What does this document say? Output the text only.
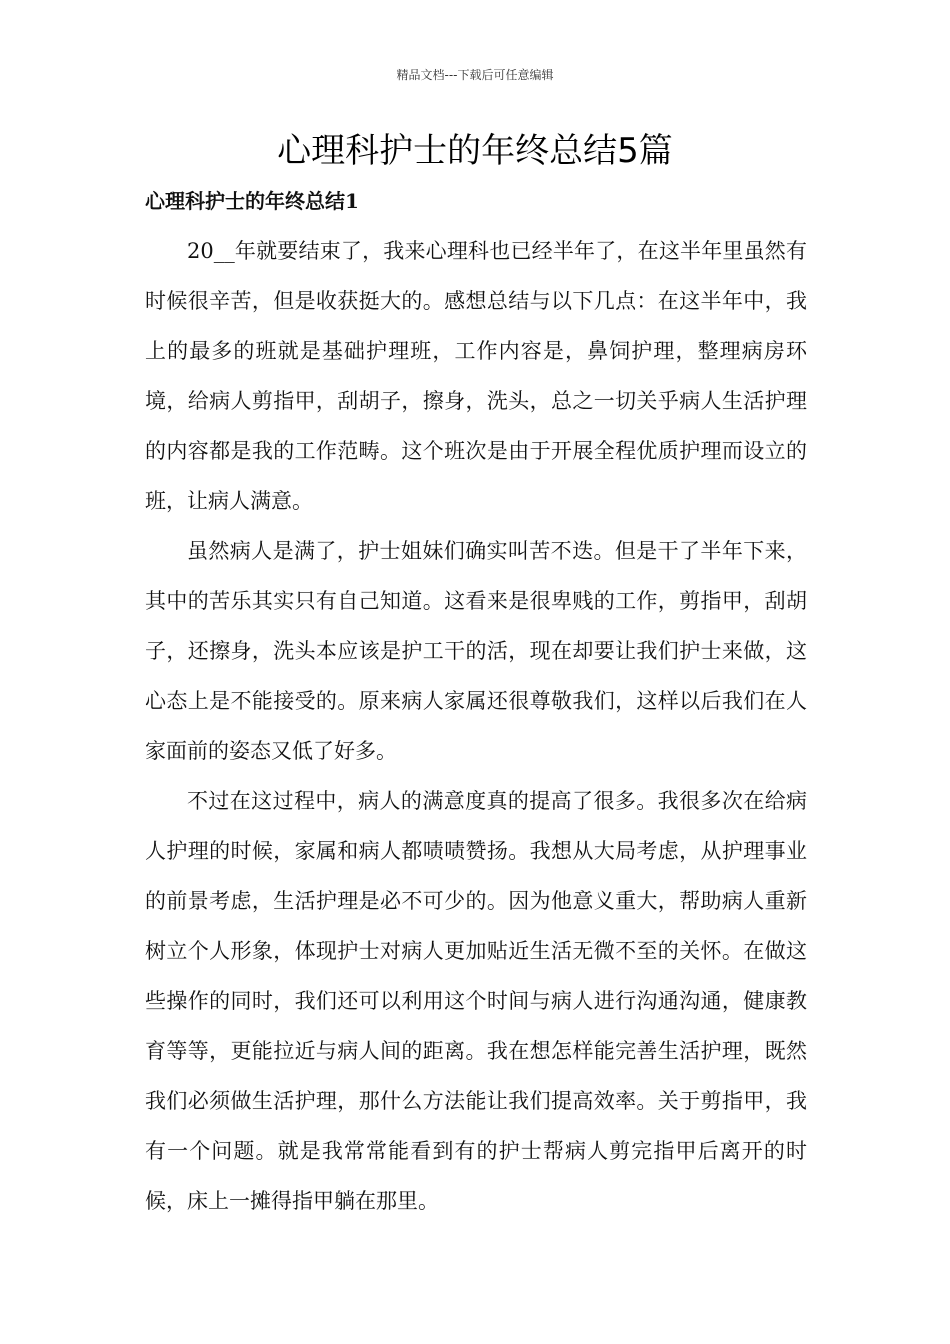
精品文档---下载后可任意编辑
心理科护士的年终总结5篇
心理科护士的年终总结1

20__年就要结束了，我来心理科也已经半年了，在这半年里虽然有时候很辛苦，但是收获挺大的。感想总结与以下几点：在这半年中，我上的最多的班就是基础护理班，工作内容是，鼻饲护理，整理病房环境，给病人剪指甲，刮胡子，擦身，洗头，总之一切关乎病人生活护理的内容都是我的工作范畴。这个班次是由于开展全程优质护理而设立的班，让病人满意。

虽然病人是满了，护士姐妹们确实叫苦不迭。但是干了半年下来，其中的苦乐其实只有自己知道。这看来是很卑贱的工作，剪指甲，刮胡子，还擦身，洗头本应该是护工干的活，现在却要让我们护士来做，这心态上是不能接受的。原来病人家属还很尊敬我们，这样以后我们在人家面前的姿态又低了好多。

不过在这过程中，病人的满意度真的提高了很多。我很多次在给病人护理的时候，家属和病人都啧啧赞扬。我想从大局考虑，从护理事业的前景考虑，生活护理是必不可少的。因为他意义重大，帮助病人重新树立个人形象，体现护士对病人更加贴近生活无微不至的关怀。在做这些操作的同时，我们还可以利用这个时间与病人进行沟通沟通，健康教育等等，更能拉近与病人间的距离。我在想怎样能完善生活护理，既然我们必须做生活护理，那什么方法能让我们提高效率。关于剪指甲，我有一个问题。就是我常常能看到有的护士帮病人剪完指甲后离开的时候，床上一摊得指甲躺在那里。
